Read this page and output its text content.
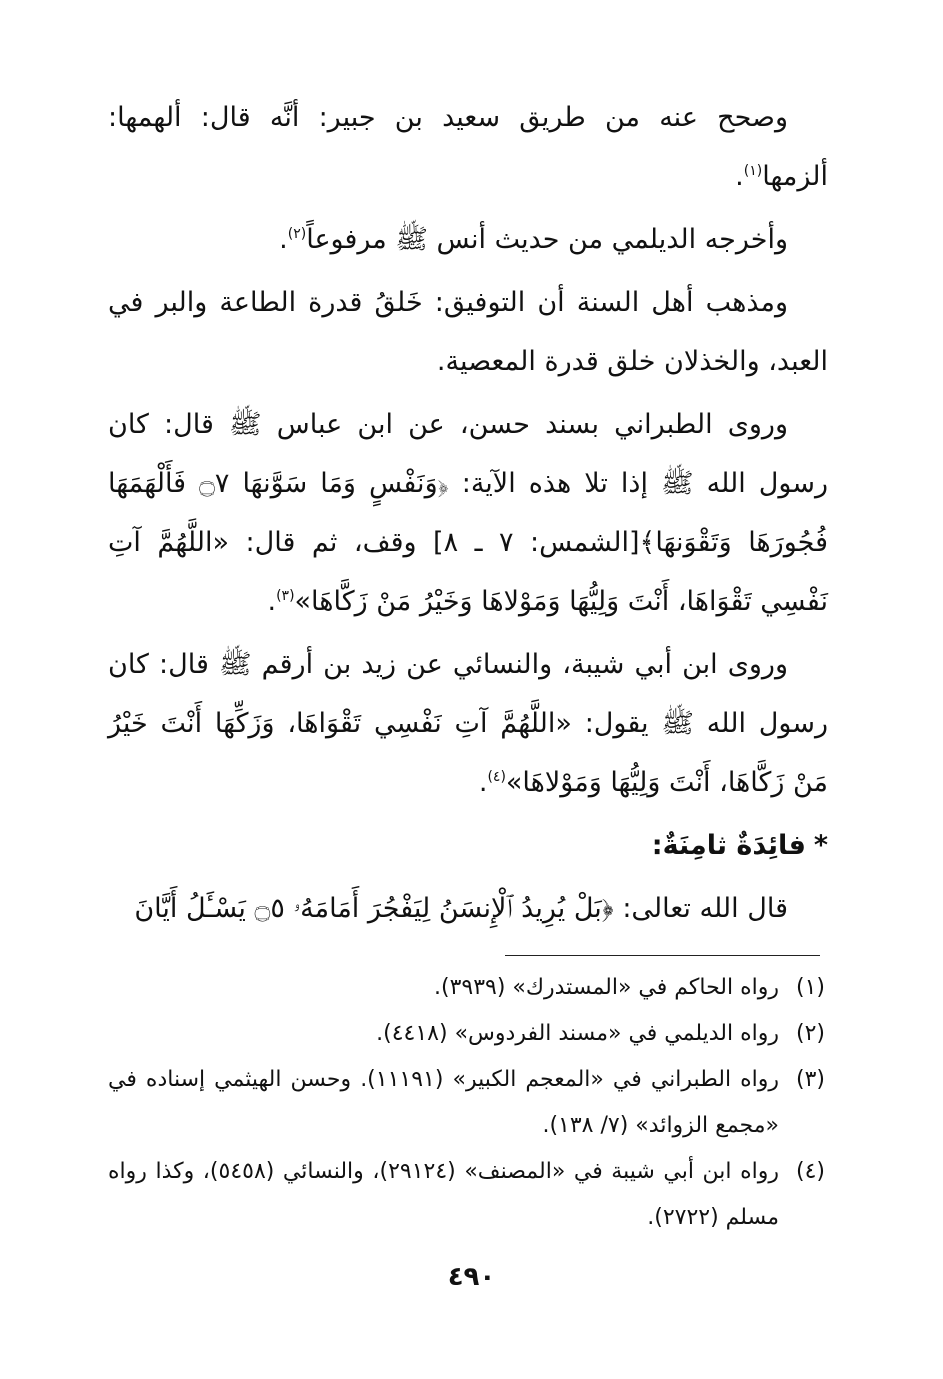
وصحح عنه من طريق سعيد بن جبير: أنَّه قال: ألهمها: ألزمها$^{(١)}$.

وأخرجه الديلمي من حديث أنس ﷺ مرفوعاً$^{(٢)}$.

ومذهب أهل السنة أن التوفيق: خَلقُ قدرة الطاعة والبر في العبد، والخذلان خلق قدرة المعصية.

وروى الطبراني بسند حسن، عن ابن عباس ﷺ قال: كان رسول الله ﷺ إذا تلا هذه الآية: ﴿وَنَفْسٍ وَمَا سَوَّنهَا ۝٧ فَأَلْهَمَهَا فُجُورَهَا وَتَقْوَنهَا﴾[الشمس: ٧ ـ ٨] وقف، ثم قال: «اللَّهُمَّ آتِ نَفْسِي تَقْوَاهَا، أَنْتَ وَلِيُّهَا وَمَوْلاهَا وَخَيْرُ مَنْ زَكَّاهَا»$^{(٣)}$.

وروى ابن أبي شيبة، والنسائي عن زيد بن أرقم ﷺ قال: كان رسول الله ﷺ يقول: «اللَّهُمَّ آتِ نَفْسِي تَقْوَاهَا، وَزَكِّهَا أَنْتَ خَيْرُ مَنْ زَكَّاهَا، أَنْتَ وَلِيُّهَا وَمَوْلاهَا»$^{(٤)}$.

*فائِدَةٌ ثامِنَةٌ:

قال الله تعالى: ﴿بَلْ يُرِيدُ ٱلْإِنسَنُ لِيَفْجُرَ أَمَامَهُۥ ۝٥ يَسْـَٔلُ أَيَّانَ

(١)
رواه الحاكم في «المستدرك» (٣٩٣٩).

(٢)
رواه الديلمي في «مسند الفردوس» (٤٤١٨).

(٣)
رواه الطبراني في «المعجم الكبير» (١١١٩١). وحسن الهيثمي إسناده في «مجمع الزوائد» (٧/ ١٣٨).

(٤)
رواه ابن أبي شيبة في «المصنف» (٢٩١٢٤)، والنسائي (٥٤٥٨)، وكذا رواه مسلم (٢٧٢٢).

٤٩٠
